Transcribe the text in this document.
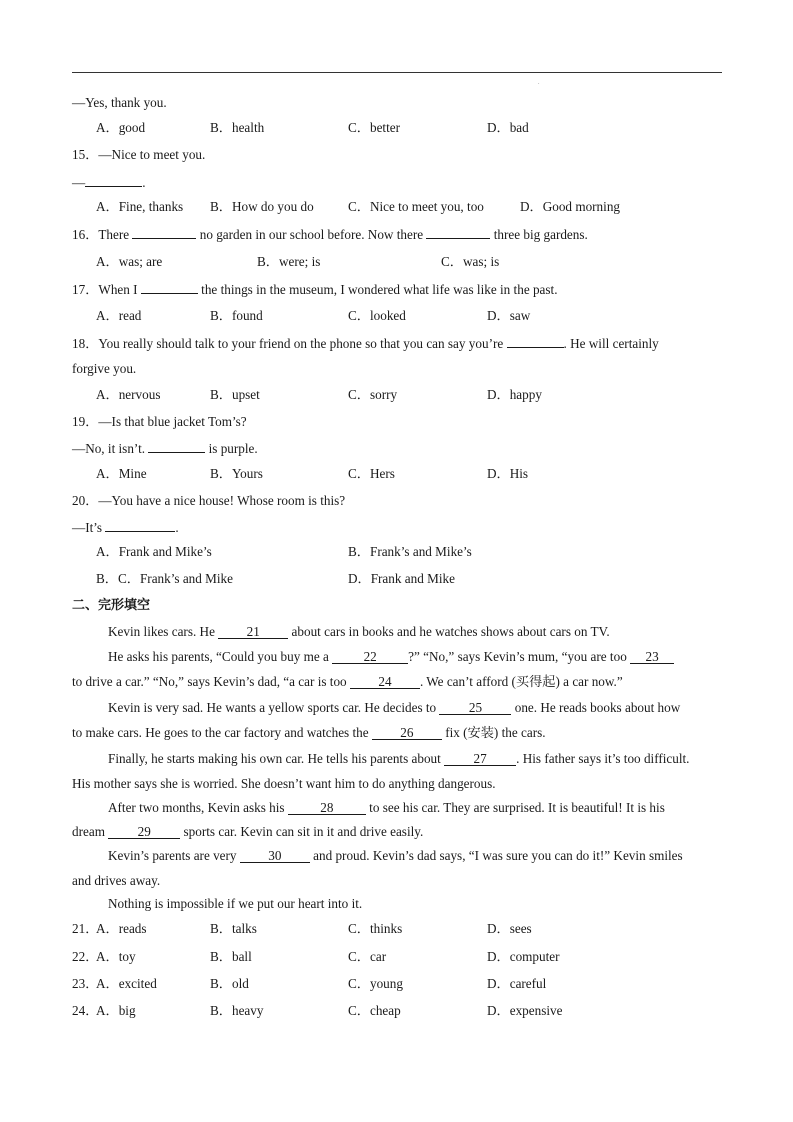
.
—Yes, thank you.
A．good	B．health	C．better	D．bad
15．—Nice to meet you.
—	.
A．Fine, thanks B．How do you do	C．Nice to meet you, too	D．Good morning
16．There	no garden in our school before. Now there	three big gardens.
A．was; are	B．were; is	C．was; is
17．When I	the things in the museum, I wondered what life was like in the past.
A．read	B．found	C．looked	D．saw
18．You really should talk to your friend on the phone so that you can say you’re	. He will certainly
forgive you.
A．nervous	B．upset	C．sorry	D．happy
19．—Is that blue jacket Tom’s?
—No, it isn’t.	is purple.
A．Mine	B．Yours	C．Hers	D．His
20．—You have a nice house! Whose room is this?
—It’s	.
A．Frank and Mike’s	B．Frank’s and Mike’s
B．C．Frank’s and Mike	D．Frank and Mike
二、完形填空
Kevin likes cars. He 21 about cars in books and he watches shows about cars on TV.
He asks his parents, “Could you buy me a	22 ?” “No,” says Kevin’s mum, “you are too 23
to drive a car.” “No,” says Kevin’s dad, “a car is too 24 . We can’t afford (买得起) a car now.”
Kevin is very sad. He wants a yellow sports car. He decides to 25 one. He reads books about how
to make cars. He goes to the car factory and watches the 26 fix (安装) the cars.
Finally, he starts making his own car. He tells his parents about 27 . His father says it’s too difficult.
His mother says she is worried. She doesn’t want him to do anything dangerous.
After two months, Kevin asks his	28	to see his car. They are surprised. It is beautiful! It is his
dream 29 sports car. Kevin can sit in it and drive easily.
Kevin’s parents are very 30 and proud. Kevin’s dad says, “I was sure you can do it!” Kevin smiles
and drives away.
Nothing is impossible if we put our heart into it.
21．
A．reads	B．talks	C．thinks	D．sees
22．
A．toy	B．ball	C．car	D．computer
23．
A．excited	B．old	C．young	D．careful
24．
A．big	B．heavy	C．cheap	D．expensive
